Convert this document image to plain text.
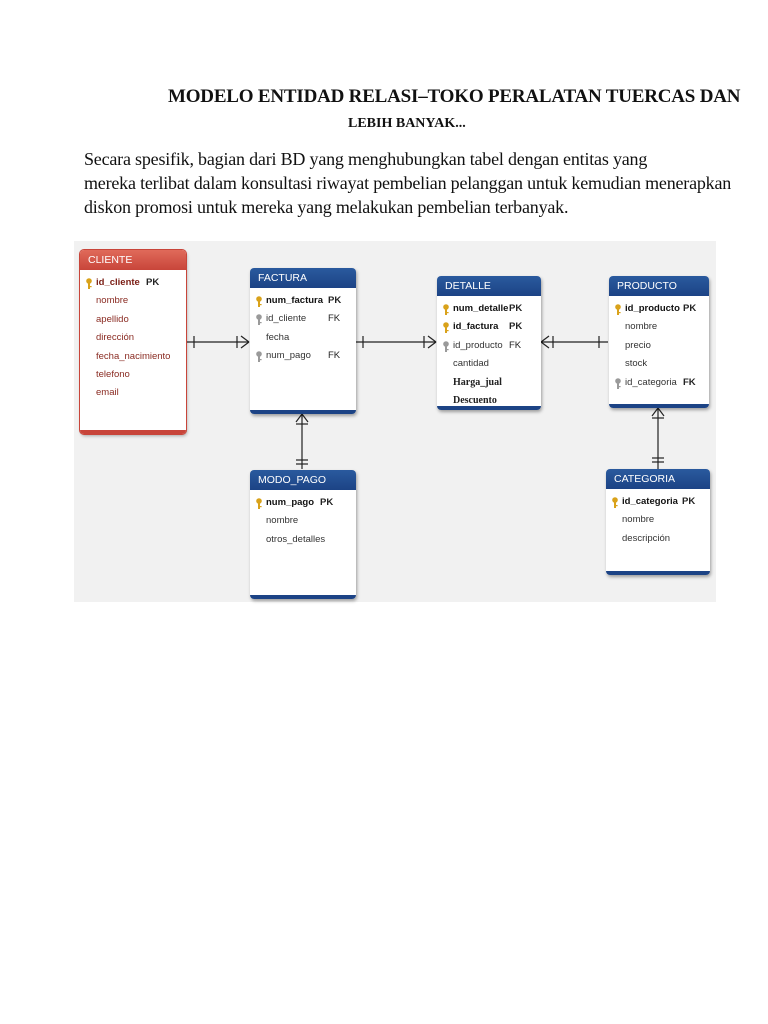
MODELO ENTIDAD RELASI–TOKO PERALATAN TUERCAS DAN
LEBIH BANYAK...
Secara spesifik, bagian dari BD yang menghubungkan tabel dengan entitas yang
mereka terlibat dalam konsultasi riwayat pembelian pelanggan untuk kemudian menerapkan
diskon promosi untuk mereka yang melakukan pembelian terbanyak.
CLIENTE
id_cliente PK
nombre
apellido
dirección
fecha_nacimiento
telefono
email
FACTURA
num_factura PK
id_cliente FK
fecha
num_pago FK
DETALLE
num_detalle PK
id_factura PK
id_producto FK
cantidad
Harga_jual
Descuento
PRODUCTO
id_producto PK
nombre
precio
stock
id_categoria FK
MODO_PAGO
num_pago PK
nombre
otros_detalles
CATEGORIA
id_categoria PK
nombre
descripción
